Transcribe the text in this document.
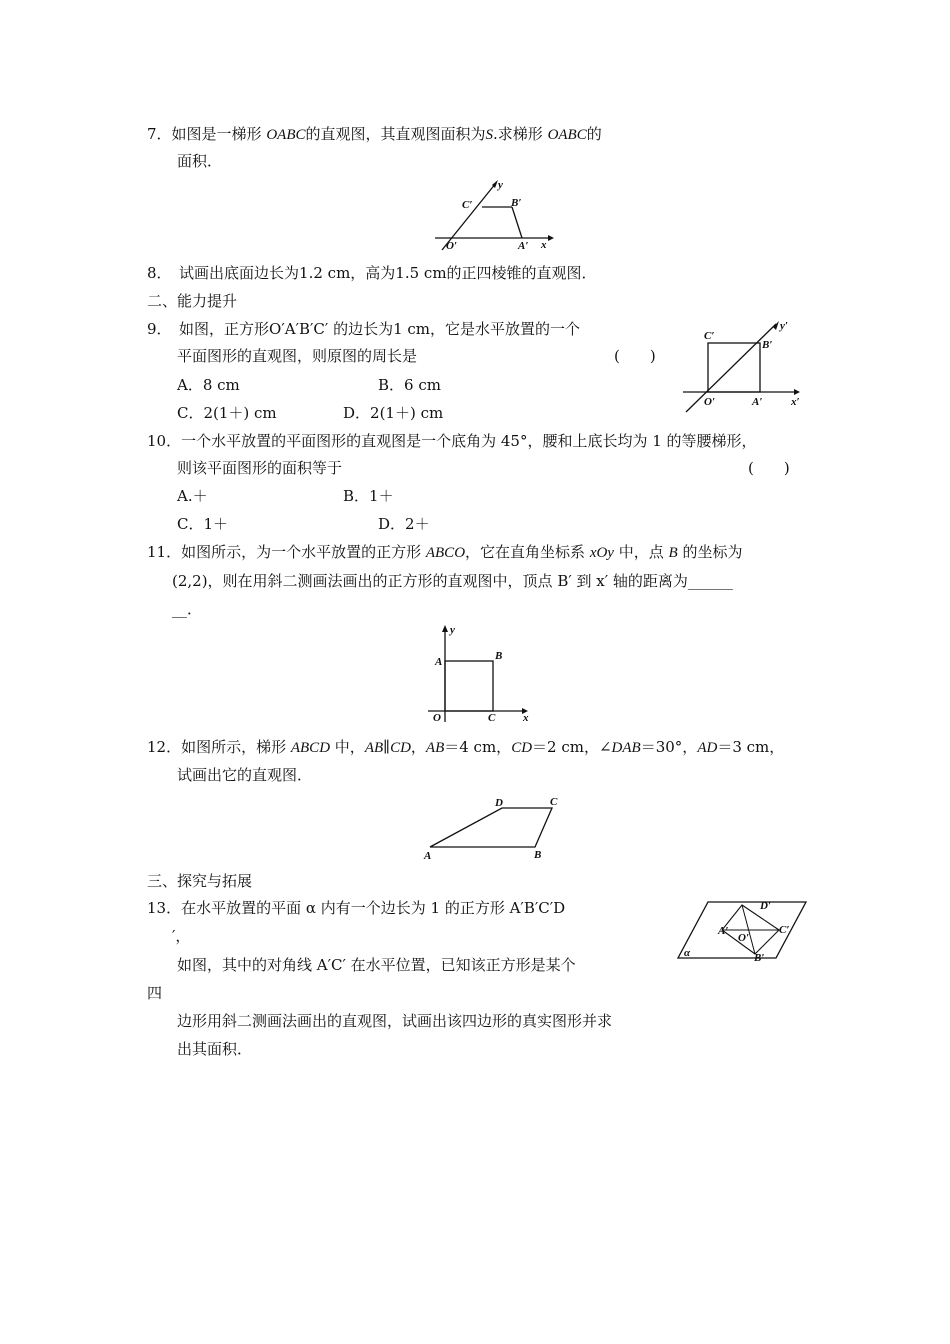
7．如图是一梯形 OABC的直观图，其直观图面积为S.求梯形 OABC的
面积．
y
x
C′	B′
O′	A′
8．　试画出底面边长为1.2 cm，高为1.5 cm的正四棱锥的直观图．
二、能力提升
9．　如图，正方形O′A′B′C′ 的边长为1 cm，它是水平放置的一个
平面图形的直观图，则原图的周长是	(　　)
A．8 cm	B．6 cm
C．2(1＋) cm	D．2(1＋) cm
y′
x′
C′
B′
O′	A′
10．一个水平放置的平面图形的直观图是一个底角为 45°，腰和上底长均为 1 的等腰梯形，
则该平面图形的面积等于	(　　)
A.＋	B．1＋
C．1＋	D．2＋
11．如图所示，为一个水平放置的正方形 ABCO，它在直角坐标系 xOy 中，点 B 的坐标为
(2,2)，则在用斜二测画法画出的正方形的直观图中，顶点 B′ 到 x′ 轴的距离为______
__．
y
x
A	B
O	C
12．如图所示，梯形 ABCD 中，AB∥CD，AB＝4 cm，CD＝2 cm，∠DAB＝30°，AD＝3 cm，
试画出它的直观图．
A	B
C
D
三、探究与拓展
13．在水平放置的平面 α 内有一个边长为 1 的正方形 A′B′C′D
′，
如图，其中的对角线 A′C′ 在水平位置，已知该正方形是某个
四
边形用斜二测画法画出的直观图，试画出该四边形的真实图形并求
出其面积．
α
A′
B′
C′
D′
O′
